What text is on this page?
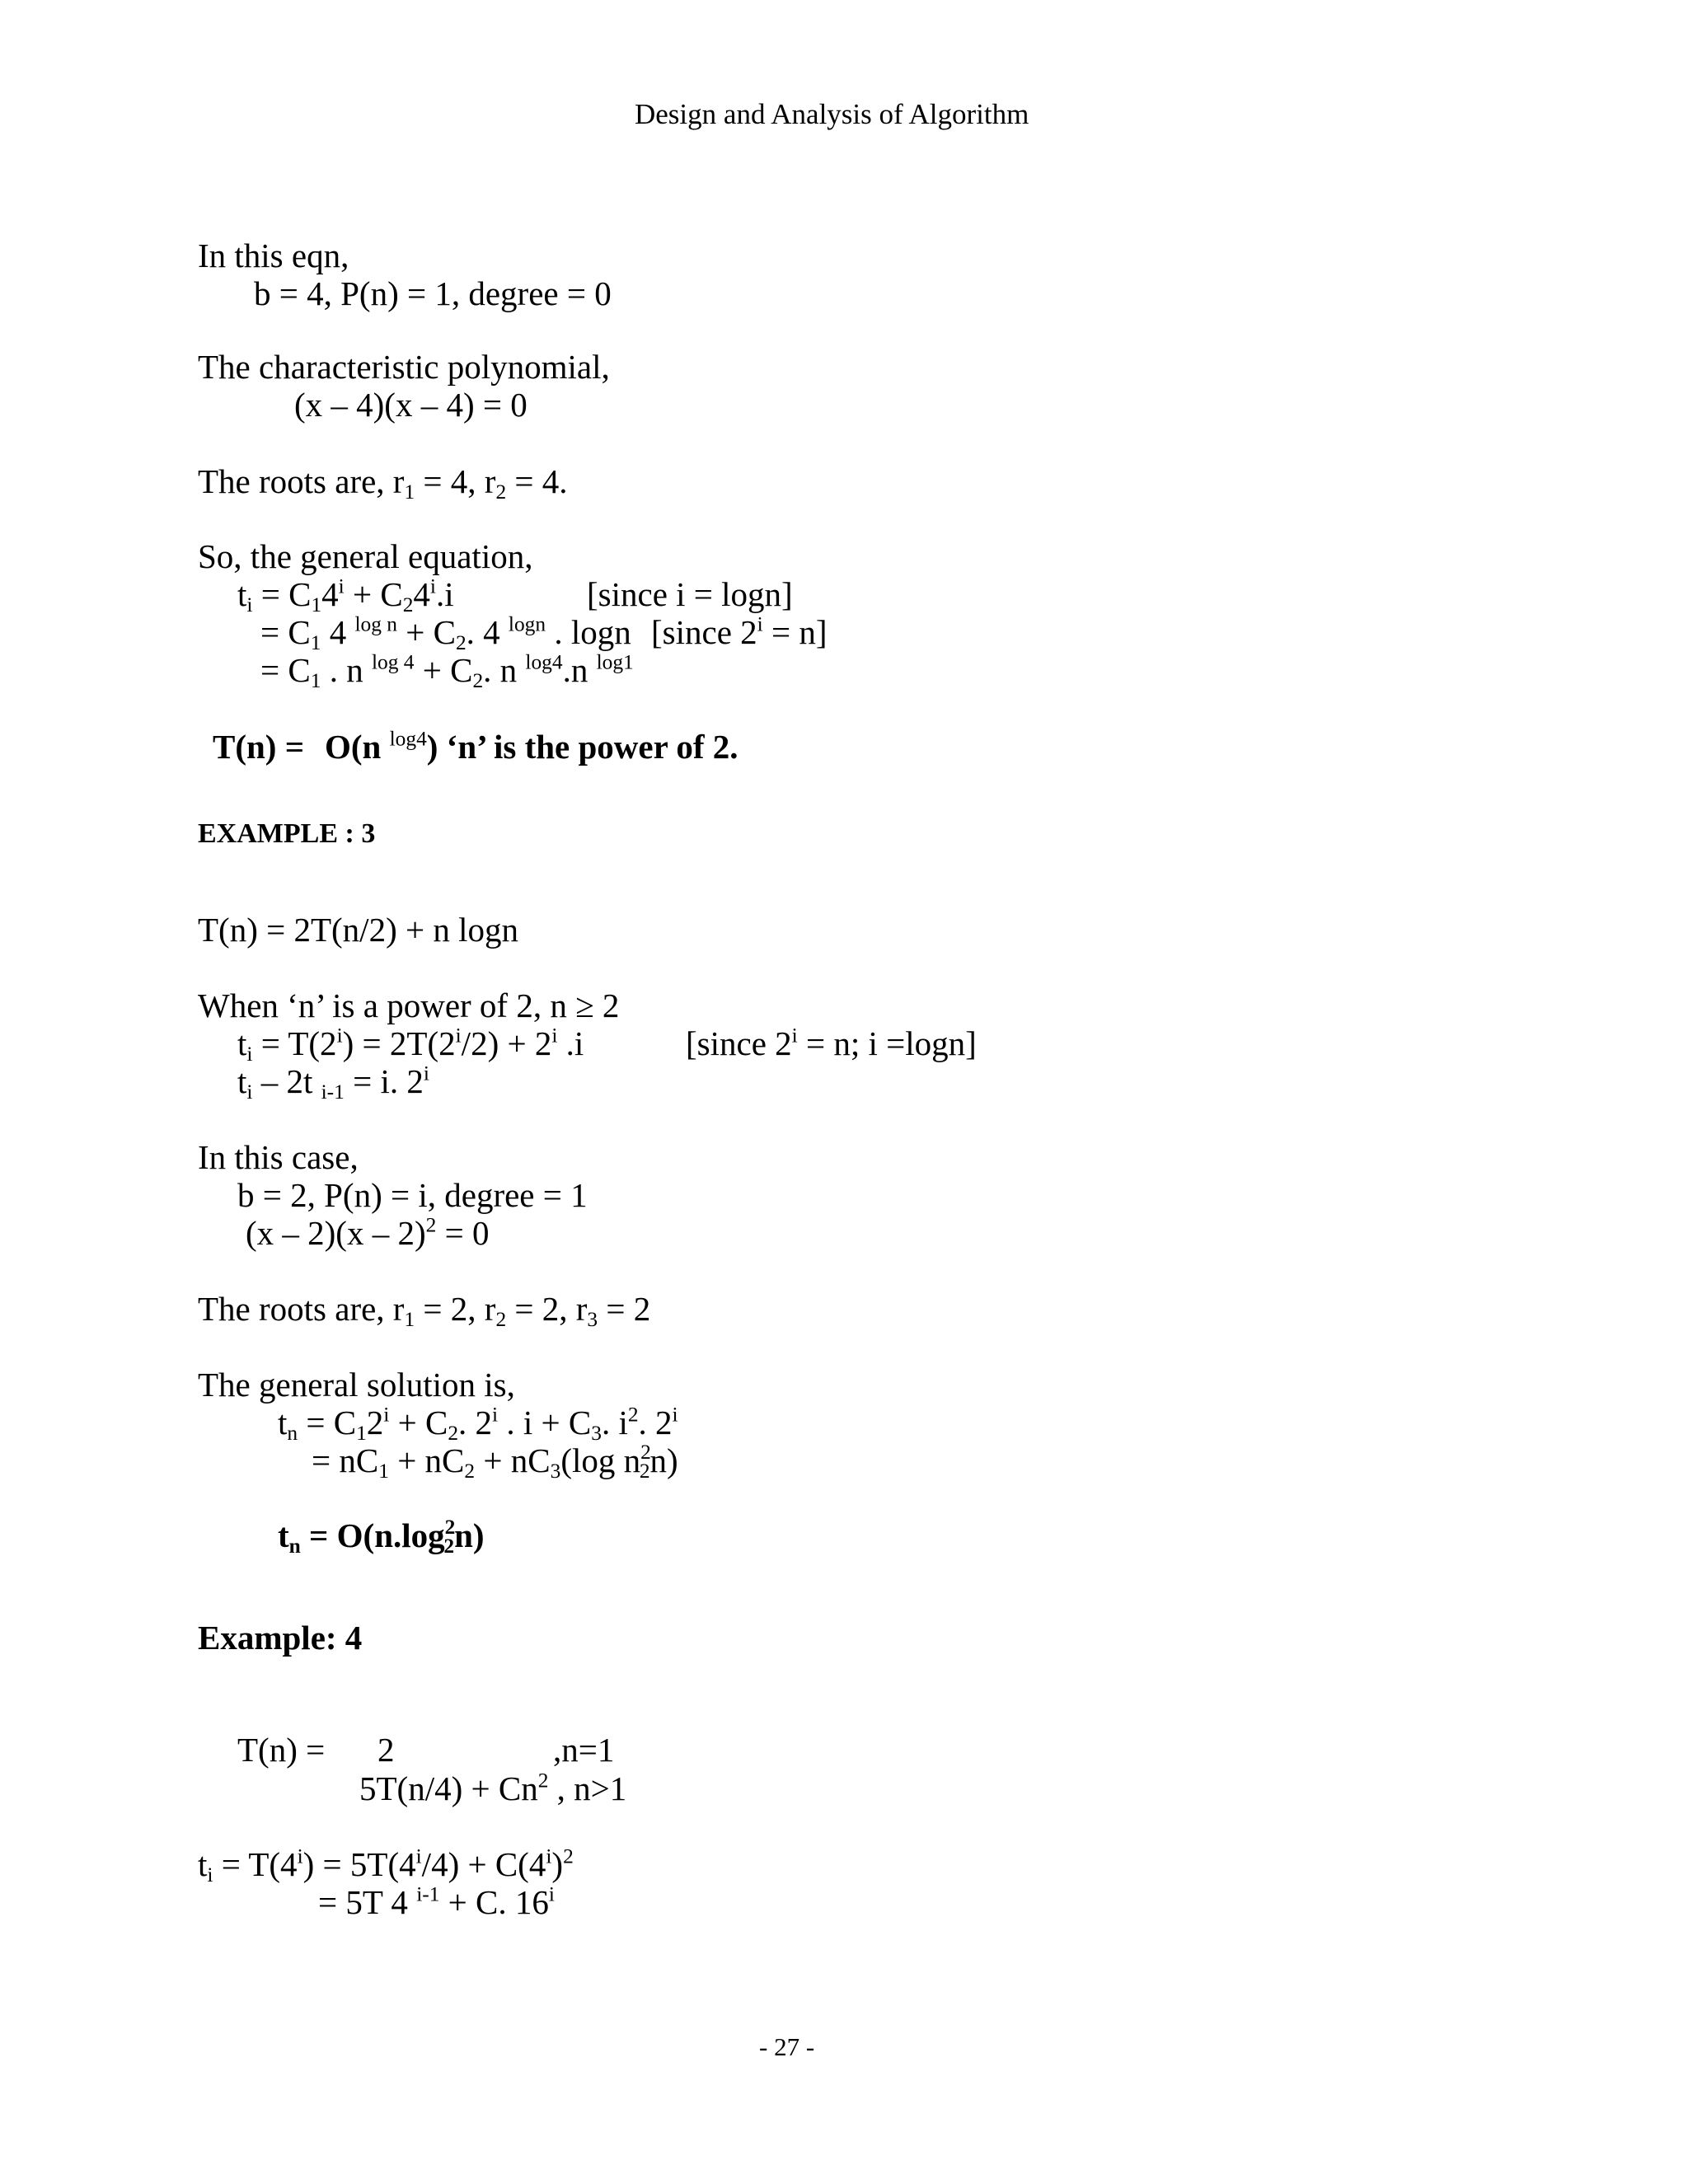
Design and Analysis of Algorithm
In this eqn,
b = 4, P(n) = 1, degree = 0
The characteristic polynomial,
(x – 4)(x – 4) = 0
The roots are, $r_1 = 4$, $r_2 = 4$.
So, the general equation,
$t_i = C_14^i + C_24^i.i$	[since i = logn]
= $C_1$ 4 $^{log n} + C_2$. 4 $^{logn}$ . logn [since $2^i = n$]
= $C_1$ . n $^{log 4} + C_2$. n $^{log4}$.n $^{log1}$
T(n) = O(n $^{log4}$) ‘n’ is the power of 2.
EXAMPLE : 3
T(n) = 2T(n/2) + n logn
When ‘n’ is a power of 2, n ≥ 2
$t_i = T(2^i) = 2T(2^i/2) + 2^i$ .i	[since $2^i = n$; i =logn]
$t_i - 2t$ $_{i-1}$ = i. 2$^i$
In this case,
b = 2, P(n) = i, degree = 1
(x – 2)(x – 2)$^2$ = 0
The roots are, $r_1 = 2$, $r_2 = 2$, $r_3 = 2$
The general solution is,
$t_n = C_12^i + C_2$. 2$^i$ . $i + C_3$. $i^2$. $2^i$
= $nC_1 + nC_2 + nC_3(\log$ $n^2_2n$)
$t_n = O(n.\log^2_2n)$
Example: 4
T(n) = 2	,n=1
$5T(n/4) + Cn^2$ , n>1
$t_i = T(4^i) = 5T(4^i/4) + C(4^i)^2$
= 5T 4 $^{i-1}$ + C. 16$^i$
- 27 -
